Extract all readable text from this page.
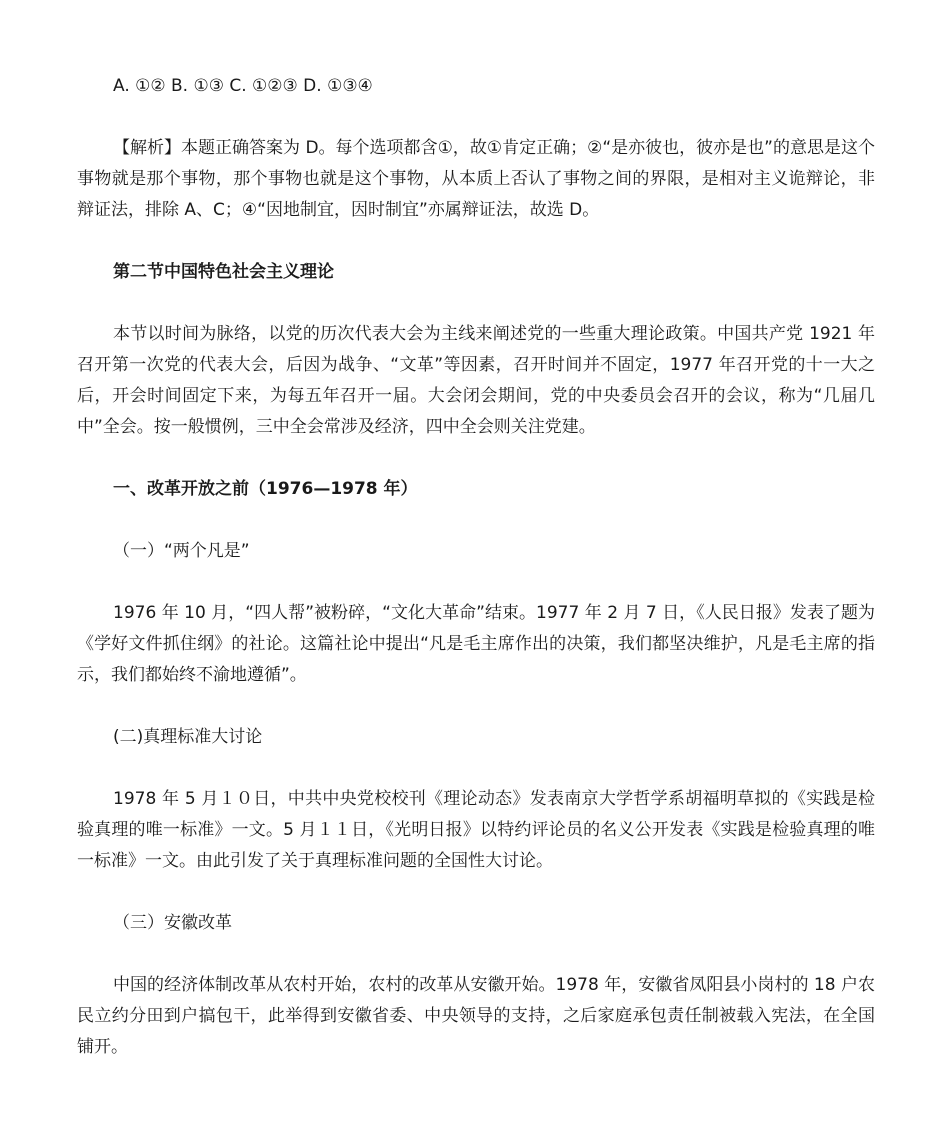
A. ①② B. ①③ C. ①②③ D. ①③④

【解析】本题正确答案为 D。每个选项都含①，故①肯定正确；②“是亦彼也，彼亦是也”的意思是这个事物就是那个事物，那个事物也就是这个事物，从本质上否认了事物之间的界限，是相对主义诡辩论，非辩证法，排除 A、C；④“因地制宜，因时制宜”亦属辩证法，故选 D。

第二节中国特色社会主义理论

本节以时间为脉络，以党的历次代表大会为主线来阐述党的一些重大理论政策。中国共产党 1921 年召开第一次党的代表大会，后因为战争、“文革”等因素，召开时间并不固定，1977 年召开党的十一大之后，开会时间固定下来，为每五年召开一届。大会闭会期间，党的中央委员会召开的会议，称为“几届几中”全会。按一般惯例，三中全会常涉及经济，四中全会则关注党建。

一、改革开放之前（1976—1978 年）

（一）“两个凡是”

1976 年 10 月，“四人帮”被粉碎，“文化大革命”结束。1977 年 2 月 7 日，《人民日报》发表了题为《学好文件抓住纲》的社论。这篇社论中提出“凡是毛主席作出的决策，我们都坚决维护，凡是毛主席的指示，我们都始终不渝地遵循”。

(二)真理标准大讨论

1978 年 5 月１０日，中共中央党校校刊《理论动态》发表南京大学哲学系胡福明草拟的《实践是检验真理的唯一标准》一文。5 月１１日，《光明日报》以特约评论员的名义公开发表《实践是检验真理的唯一标准》一文。由此引发了关于真理标准问题的全国性大讨论。

（三）安徽改革

中国的经济体制改革从农村开始，农村的改革从安徽开始。1978 年，安徽省凤阳县小岗村的 18 户农民立约分田到户搞包干，此举得到安徽省委、中央领导的支持，之后家庭承包责任制被载入宪法，在全国铺开。
